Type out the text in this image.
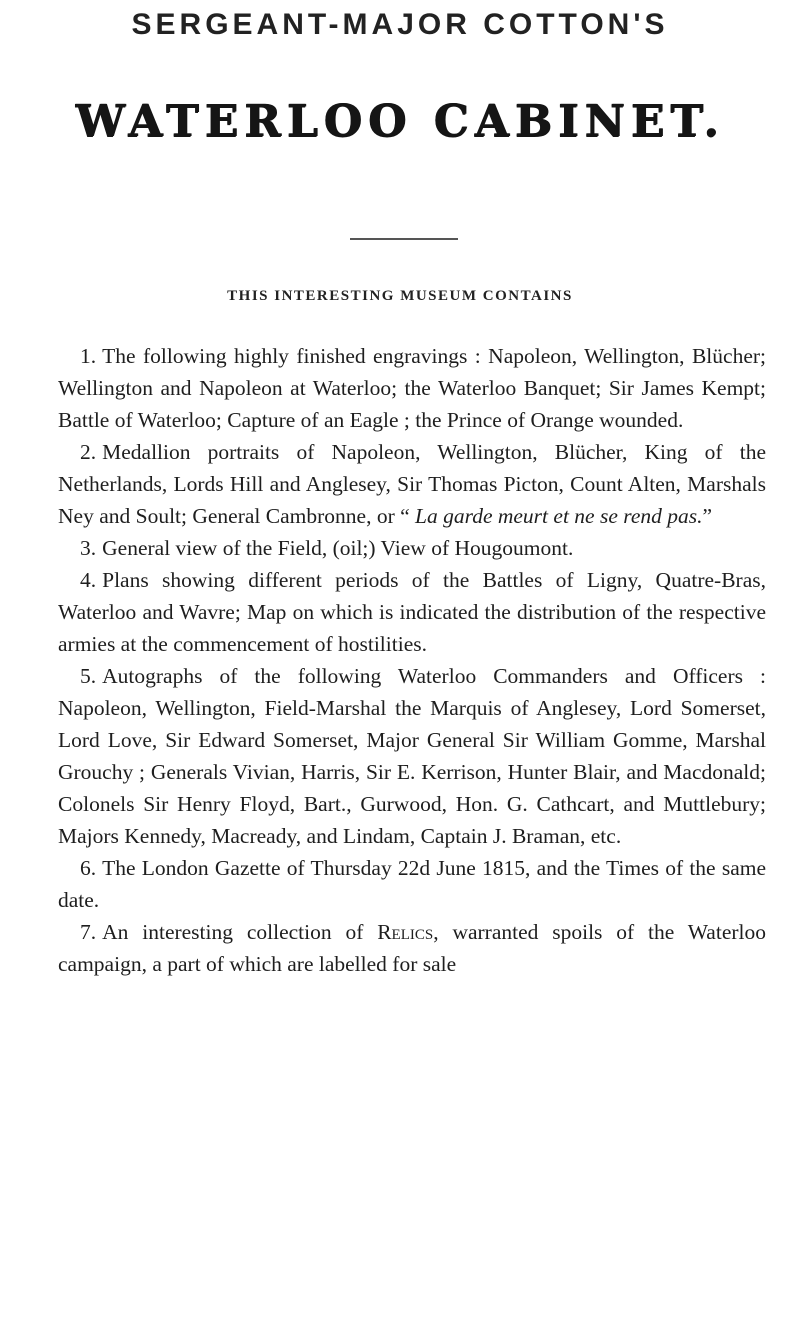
SERGEANT-MAJOR COTTON'S
WATERLOO CABINET.
THIS INTERESTING MUSEUM CONTAINS

1. The following highly finished engravings : Napoleon, Wellington, Blücher; Wellington and Napoleon at Waterloo; the Waterloo Banquet; Sir James Kempt; Battle of Waterloo; Capture of an Eagle ; the Prince of Orange wounded.

2. Medallion portraits of Napoleon, Wellington, Blücher, King of the Netherlands, Lords Hill and Anglesey, Sir Thomas Picton, Count Alten, Marshals Ney and Soult; General Cambronne, or “ La garde meurt et ne se rend pas.”

3. General view of the Field, (oil;) View of Hougoumont.

4. Plans showing different periods of the Battles of Ligny, Quatre-Bras, Waterloo and Wavre; Map on which is indicated the distribution of the respective armies at the commencement of hostilities.

5. Autographs of the following Waterloo Commanders and Officers : Napoleon, Wellington, Field-Marshal the Marquis of Anglesey, Lord Somerset, Lord Love, Sir Edward Somerset, Major General Sir William Gomme, Marshal Grouchy ; Generals Vivian, Harris, Sir E. Kerrison, Hunter Blair, and Macdonald; Colonels Sir Henry Floyd, Bart., Gurwood, Hon. G. Cathcart, and Muttlebury; Majors Kennedy, Macready, and Lindam, Captain J. Braman, etc.

6. The London Gazette of Thursday 22d June 1815, and the Times of the same date.

7. An interesting collection of Relics, warranted spoils of the Waterloo campaign, a part of which are labelled for sale
